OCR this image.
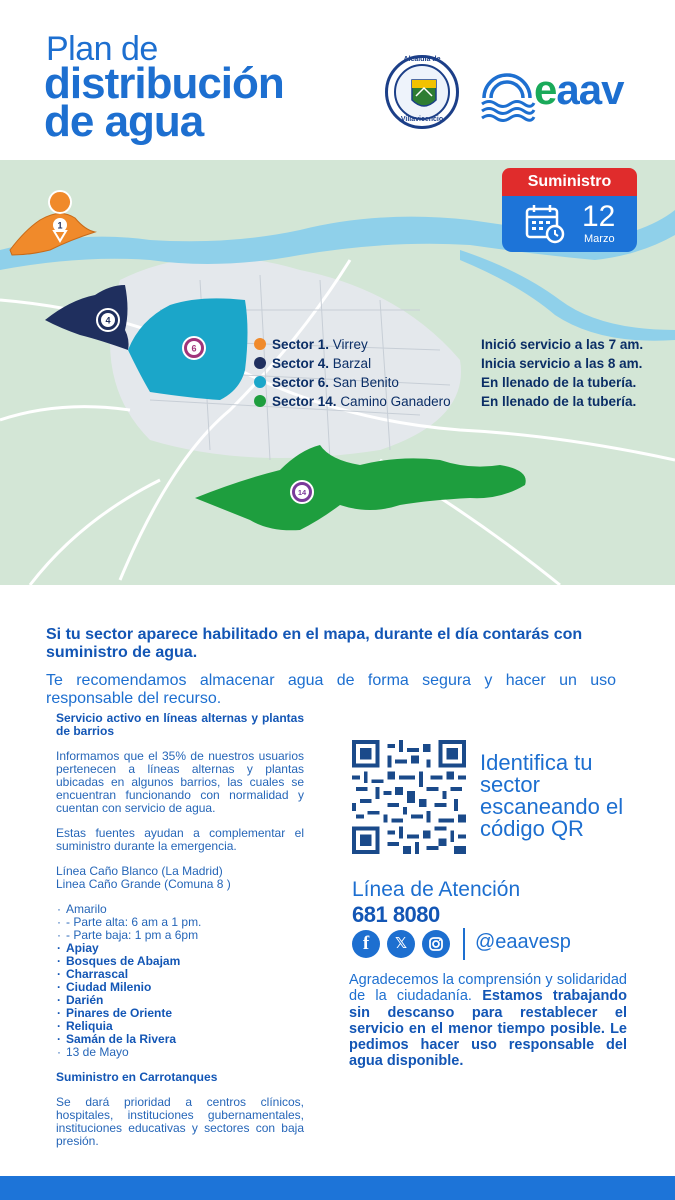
Plan de
distribución
de agua
Alcaldía de
Villavicencio
eaav
1
4
6
14
Suministro
12
Marzo
Sector 1. Virrey
Sector 4. Barzal
Sector 6. San Benito
Sector 14. Camino Ganadero
Inició servicio a las 7 am.
Inicia servicio a las 8 am.
En llenado de la tubería.
En llenado de la tubería.
Si tu sector aparece habilitado en el mapa, durante el día contarás con suministro de agua.
Te recomendamos almacenar agua de forma segura y hacer un uso responsable del recurso.

Servicio activo en líneas alternas y plantas de barrios

Informamos que el 35% de nuestros usuarios pertenecen a líneas alternas y plantas ubicadas en algunos barrios, las cuales se encuentran funcionando con normalidad y cuentan con servicio de agua.

Estas fuentes ayudan a complementar el suministro durante la emergencia.

Línea Caño Blanco (La Madrid)

Linea Caño Grande (Comuna 8 )

· Amarilo
· - Parte alta: 6 am a 1 pm.
· - Parte baja: 1 pm a 6pm
· Apiay
· Bosques de Abajam
· Charrascal
· Ciudad Milenio
· Darién
· Pinares de Oriente
· Reliquia
· Samán de la Rivera
· 13 de Mayo

Suministro en Carrotanques

Se dará prioridad a centros clínicos, hospitales, instituciones gubernamentales, instituciones educativas y sectores con baja presión.

Identifica tu sector escaneando el código QR
Línea de Atención
681 8080
f	𝕏	@eaavesp
Agradecemos la comprensión y solidaridad de la ciudadanía. Estamos trabajando sin descanso para restablecer el servicio en el menor tiempo posible. Le pedimos hacer uso responsable del agua disponible.
